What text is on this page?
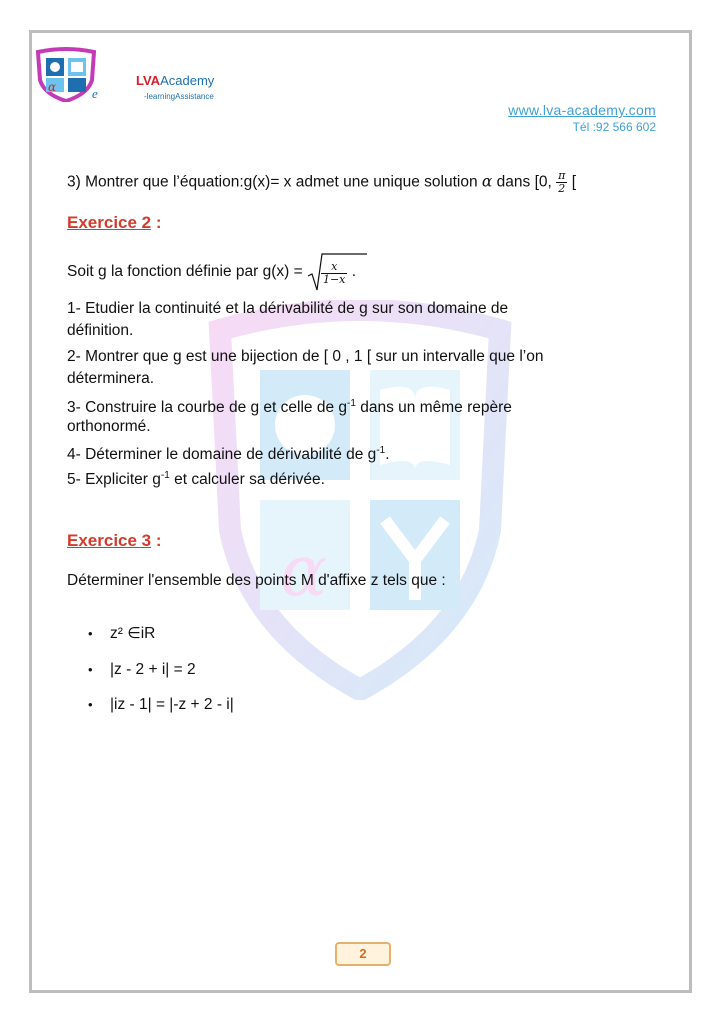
α
α	e
LVAAcademy
-learningAssistance
www.lva-academy.com
Tél :92 566 602
3) Montrer que l’équation:g(x)= x admet une unique solution α dans [0, $\frac{\pi}{2}$ [
Exercice 2 :
Soit g la fonction définie par $g(x) = \frac{x}{1-x}$ .
1- Etudier la continuité et la dérivabilité de g sur son domaine de
définition.
2- Montrer que g est une bijection de [ 0 , 1 [ sur un intervalle que l’on
déterminera.
3- Construire la courbe de g et celle de $g^{-1}$ dans un même repère
orthonormé.
4- Déterminer le domaine de dérivabilité de $g^{-1}$.
5- Expliciter $g^{-1}$ et calculer sa dérivée.
Exercice 3 :
Déterminer l'ensemble des points M d'affixe z tels que :
• z² ∈iR
• |z - 2 + i| = 2
• |iz - 1| = |-z + 2 - i|
2
